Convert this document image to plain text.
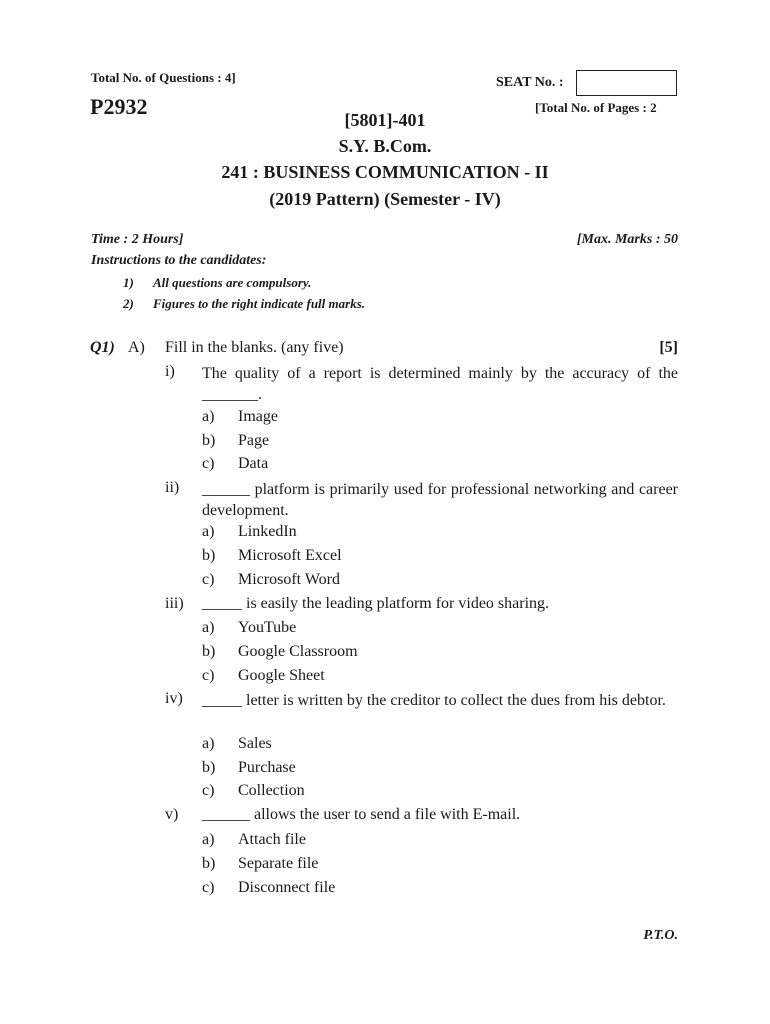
Total No. of Questions : 4]	SEAT No. :
P2932	[Total No. of Pages : 2
[5801]-401
S.Y. B.Com.
241 : BUSINESS COMMUNICATION - II
(2019 Pattern) (Semester - IV)
Time : 2 Hours]	[Max. Marks : 50
Instructions to the candidates:
1) All questions are compulsory.
2) Figures to the right indicate full marks.
Q1) A) Fill in the blanks. (any five)	[5]
i) The quality of a report is determined mainly by the accuracy of the _______.
a) Image
b) Page
c) Data
ii) ______ platform is primarily used for professional networking and career development.
a) LinkedIn
b) Microsoft Excel
c) Microsoft Word
iii) _____ is easily the leading platform for video sharing.
a) YouTube
b) Google Classroom
c) Google Sheet
iv) _____ letter is written by the creditor to collect the dues from his debtor.
a) Sales
b) Purchase
c) Collection
v) ______ allows the user to send a file with E-mail.
a) Attach file
b) Separate file
c) Disconnect file
P.T.O.
